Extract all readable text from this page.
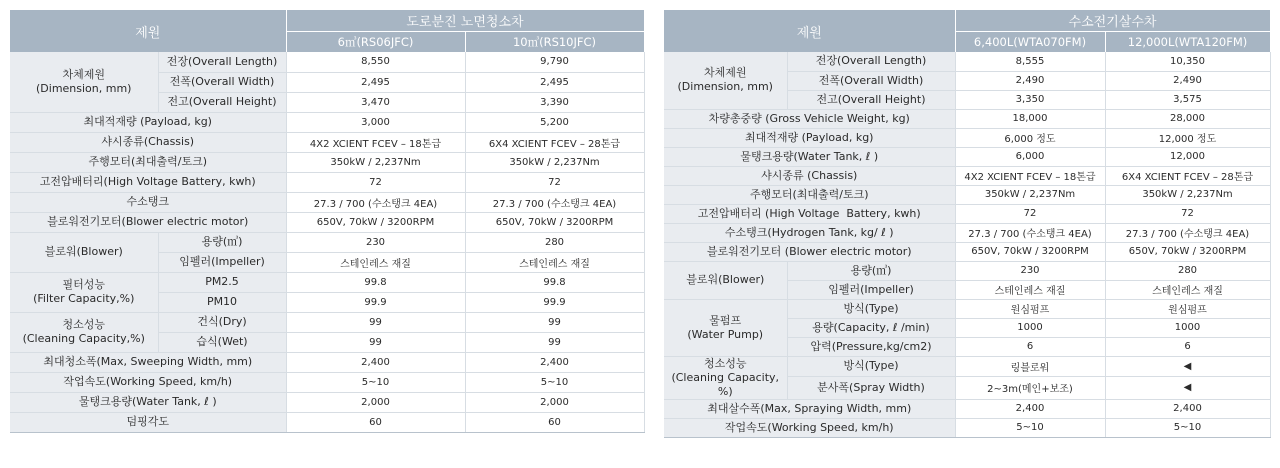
제원		도로분진 노면청소차	
		6㎥(RS06JFC)	10㎥(RS10JFC)
차체제원
(Dimension, mm)	전장(Overall Length)	8,550	9,790
	전폭(Overall Width)	2,495	2,495
	전고(Overall Height)	3,470	3,390
최대적재량 (Payload, kg)		3,000	5,200
샤시종류(Chassis)		4X2 XCIENT FCEV – 18톤급	6X4 XCIENT FCEV – 28톤급
주행모터(최대출력/토크)		350kW / 2,237Nm	350kW / 2,237Nm
고전압배터리(High Voltage Battery, kwh)		72	72
수소탱크		27.3 / 700 (수소탱크 4EA)	27.3 / 700 (수소탱크 4EA)
블로워전기모터(Blower electric motor)		650V, 70kW / 3200RPM	650V, 70kW / 3200RPM
블로워(Blower)	용량(㎥)	230	280
	임펠러(Impeller)	스테인레스 재질	스테인레스 재질
필터성능
(Filter Capacity,%)	PM2.5	99.8	99.8
	PM10	99.9	99.9
청소성능
(Cleaning Capacity,%)	건식(Dry)	99	99
	습식(Wet)	99	99
최대청소폭(Max, Sweeping Width, mm)		2,400	2,400
작업속도(Working Speed, km/h)		5~10	5~10
물탱크용량(Water Tank, ℓ )		2,000	2,000
덤핑각도		60	60
제원		수소전기살수차	
		6,400L(WTA070FM)	12,000L(WTA120FM)
차체제원
(Dimension, mm)	전장(Overall Length)	8,555	10,350
	전폭(Overall Width)	2,490	2,490
	전고(Overall Height)	3,350	3,575
차량총중량 (Gross Vehicle Weight, kg)		18,000	28,000
최대적재량 (Payload, kg)		6,000 정도	12,000 정도
물탱크용량(Water Tank, ℓ )		6,000	12,000
샤시종류 (Chassis)		4X2 XCIENT FCEV – 18톤급	6X4 XCIENT FCEV – 28톤급
주행모터(최대출력/토크)		350kW / 2,237Nm	350kW / 2,237Nm
고전압배터리 (High Voltage  Battery, kwh)		72	72
수소탱크(Hydrogen Tank, kg/ ℓ )		27.3 / 700 (수소탱크 4EA)	27.3 / 700 (수소탱크 4EA)
블로워전기모터 (Blower electric motor)		650V, 70kW / 3200RPM	650V, 70kW / 3200RPM
블로워(Blower)	용량(㎥)	230	280
	임펠러(Impeller)	스테인레스 재질	스테인레스 재질
물펌프
(Water Pump)	방식(Type)	원심펌프	원심펌프
	용량(Capacity, ℓ /min)	1000	1000
	압력(Pressure,kg/cm2)	6	6
청소성능
(Cleaning Capacity, %)	방식(Type)	링블로워	◀
	분사폭(Spray Width)	2~3m(메인+보조)	◀
최대살수폭(Max, Spraying Width, mm)		2,400	2,400
작업속도(Working Speed, km/h)		5~10	5~10
